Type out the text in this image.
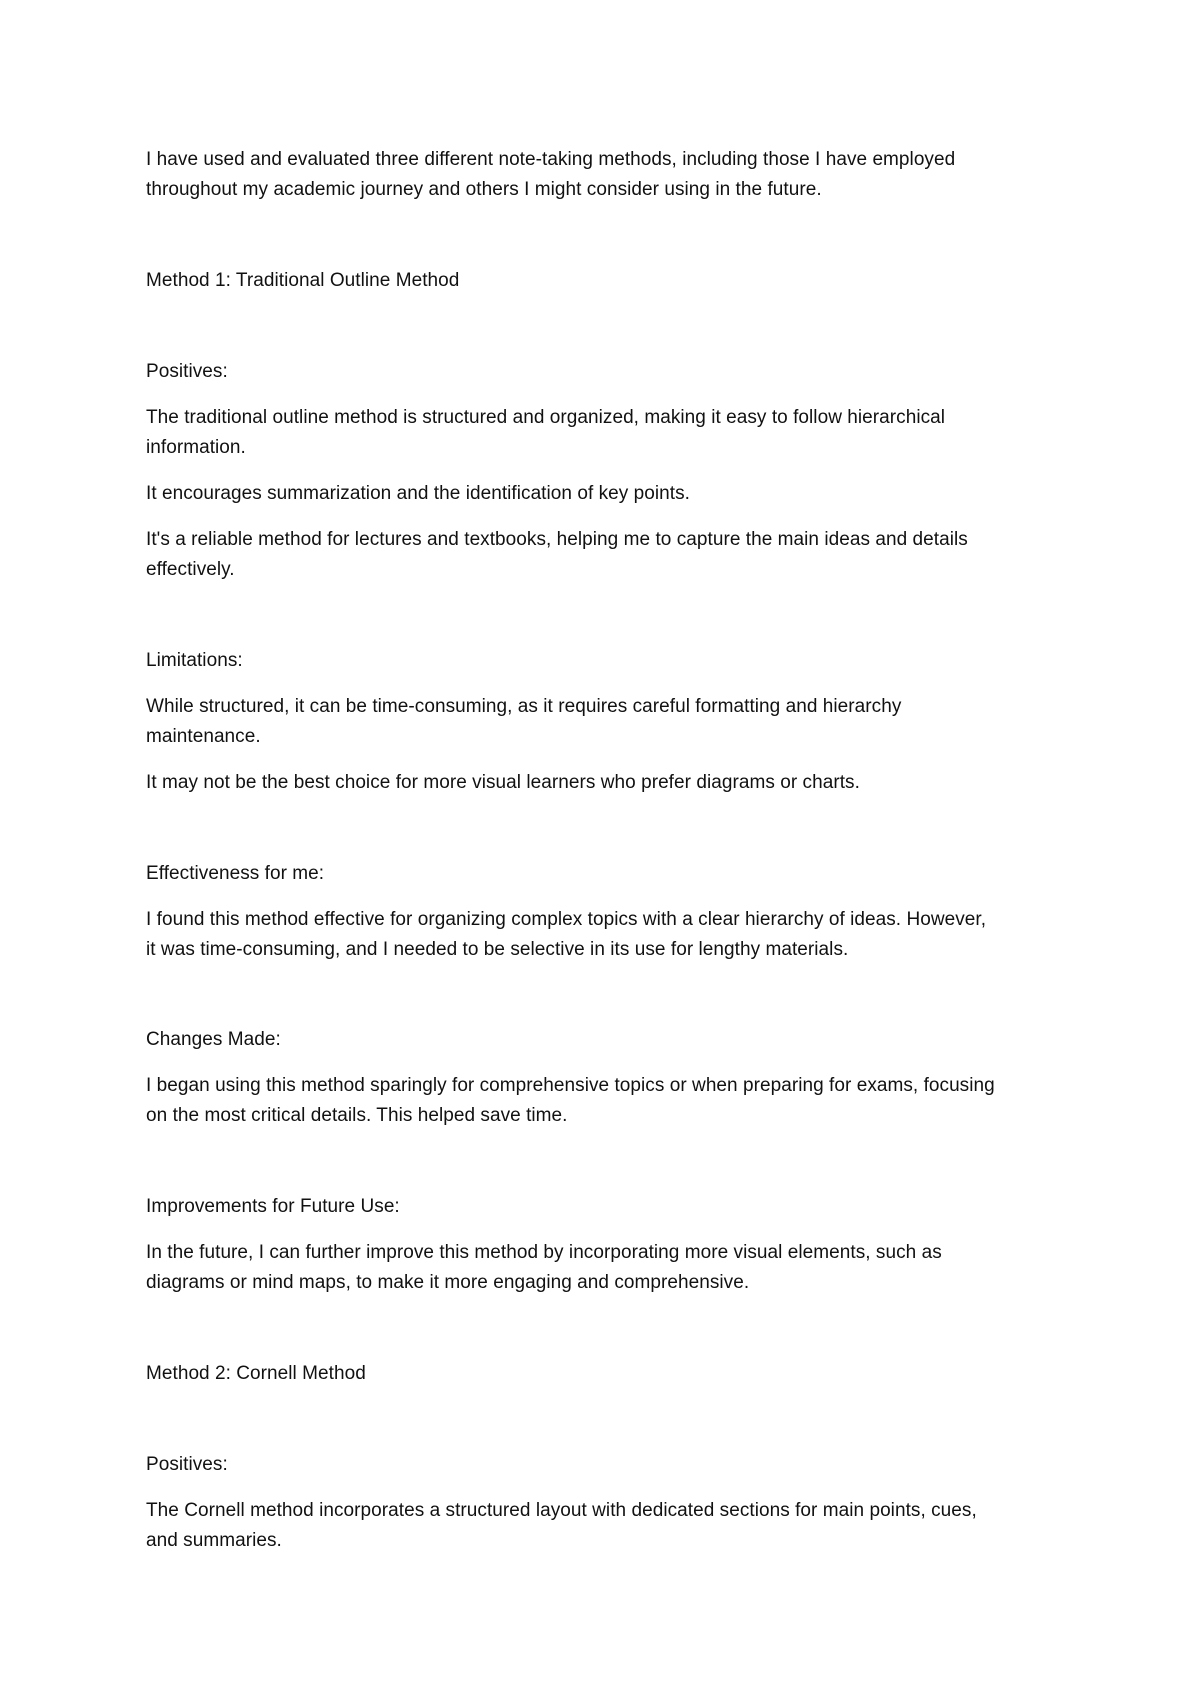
I have used and evaluated three different note-taking methods, including those I have employed
throughout my academic journey and others I might consider using in the future.
Method 1: Traditional Outline Method
Positives:
The traditional outline method is structured and organized, making it easy to follow hierarchical
information.
It encourages summarization and the identification of key points.
It's a reliable method for lectures and textbooks, helping me to capture the main ideas and details
effectively.
Limitations:
While structured, it can be time-consuming, as it requires careful formatting and hierarchy
maintenance.
It may not be the best choice for more visual learners who prefer diagrams or charts.
Effectiveness for me:
I found this method effective for organizing complex topics with a clear hierarchy of ideas. However,
it was time-consuming, and I needed to be selective in its use for lengthy materials.
Changes Made:
I began using this method sparingly for comprehensive topics or when preparing for exams, focusing
on the most critical details. This helped save time.
Improvements for Future Use:
In the future, I can further improve this method by incorporating more visual elements, such as
diagrams or mind maps, to make it more engaging and comprehensive.
Method 2: Cornell Method
Positives:
The Cornell method incorporates a structured layout with dedicated sections for main points, cues,
and summaries.
